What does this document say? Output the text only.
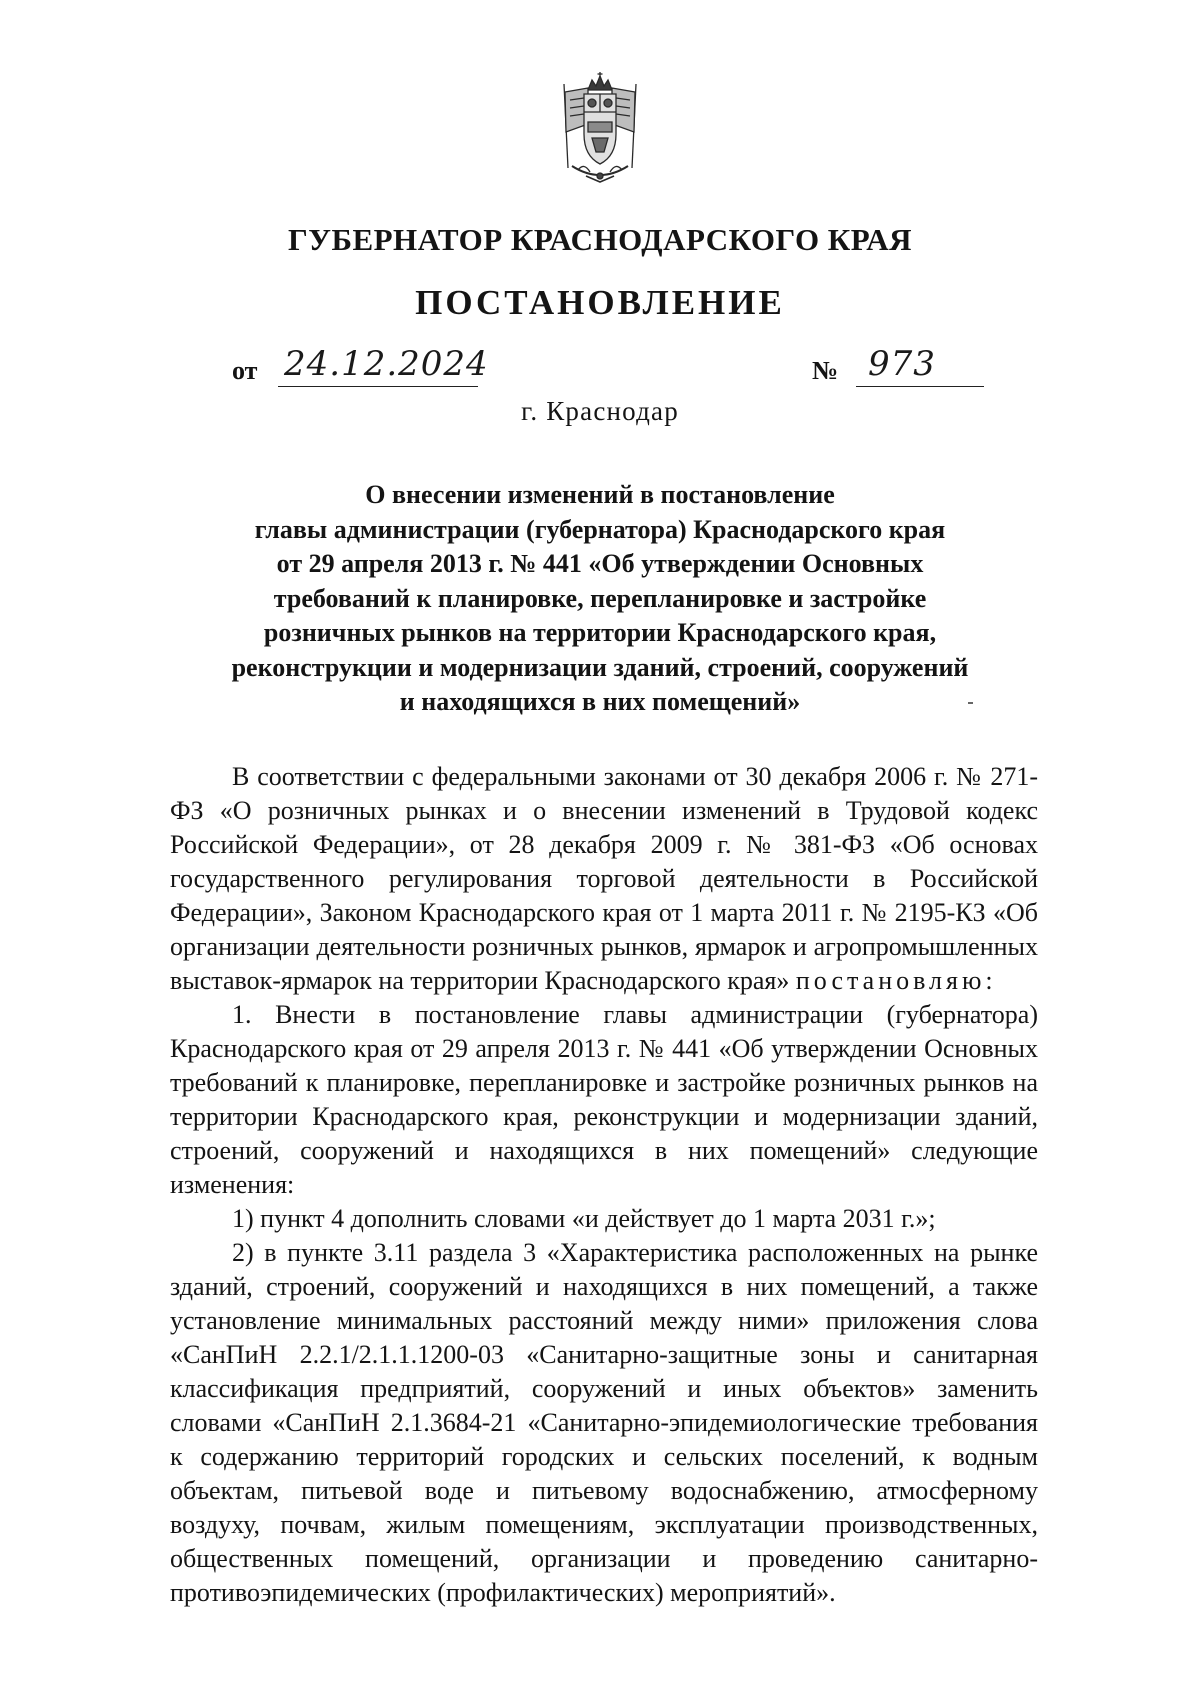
ГУБЕРНАТОР КРАСНОДАРСКОГО КРАЯ
ПОСТАНОВЛЕНИЕ
от 24.12.2024	№ 973
г. Краснодар
О внесении изменений в постановление
главы администрации (губернатора) Краснодарского края
от 29 апреля 2013 г. № 441 «Об утверждении Основных
требований к планировке, перепланировке и застройке
розничных рынков на территории Краснодарского края,
реконструкции и модернизации зданий, строений, сооружений
и находящихся в них помещений»

В соответствии с федеральными законами от 30 декабря 2006 г. № 271-ФЗ «О розничных рынках и о внесении изменений в Трудовой кодекс Российской Федерации», от 28 декабря 2009 г. № 381-ФЗ «Об основах государственного регулирования торговой деятельности в Российской Федерации», Законом Краснодарского края от 1 марта 2011 г. № 2195-КЗ «Об организации деятельности розничных рынков, ярмарок и агропромышленных выставок-ярмарок на территории Краснодарского края» постановляю:

1. Внести в постановление главы администрации (губернатора) Краснодарского края от 29 апреля 2013 г. № 441 «Об утверждении Основных требований к планировке, перепланировке и застройке розничных рынков на территории Краснодарского края, реконструкции и модернизации зданий, строений, сооружений и находящихся в них помещений» следующие изменения:

1) пункт 4 дополнить словами «и действует до 1 марта 2031 г.»;

2) в пункте 3.11 раздела 3 «Характеристика расположенных на рынке зданий, строений, сооружений и находящихся в них помещений, а также установление минимальных расстояний между ними» приложения слова «СанПиН 2.2.1/2.1.1.1200-03 «Санитарно-защитные зоны и санитарная классификация предприятий, сооружений и иных объектов» заменить словами «СанПиН 2.1.3684-21 «Санитарно-эпидемиологические требования к содержанию территорий городских и сельских поселений, к водным объектам, питьевой воде и питьевому водоснабжению, атмосферному воздуху, почвам, жилым помещениям, эксплуатации производственных, общественных помещений, организации и проведению санитарно-противоэпидемических (профилактических) мероприятий».
